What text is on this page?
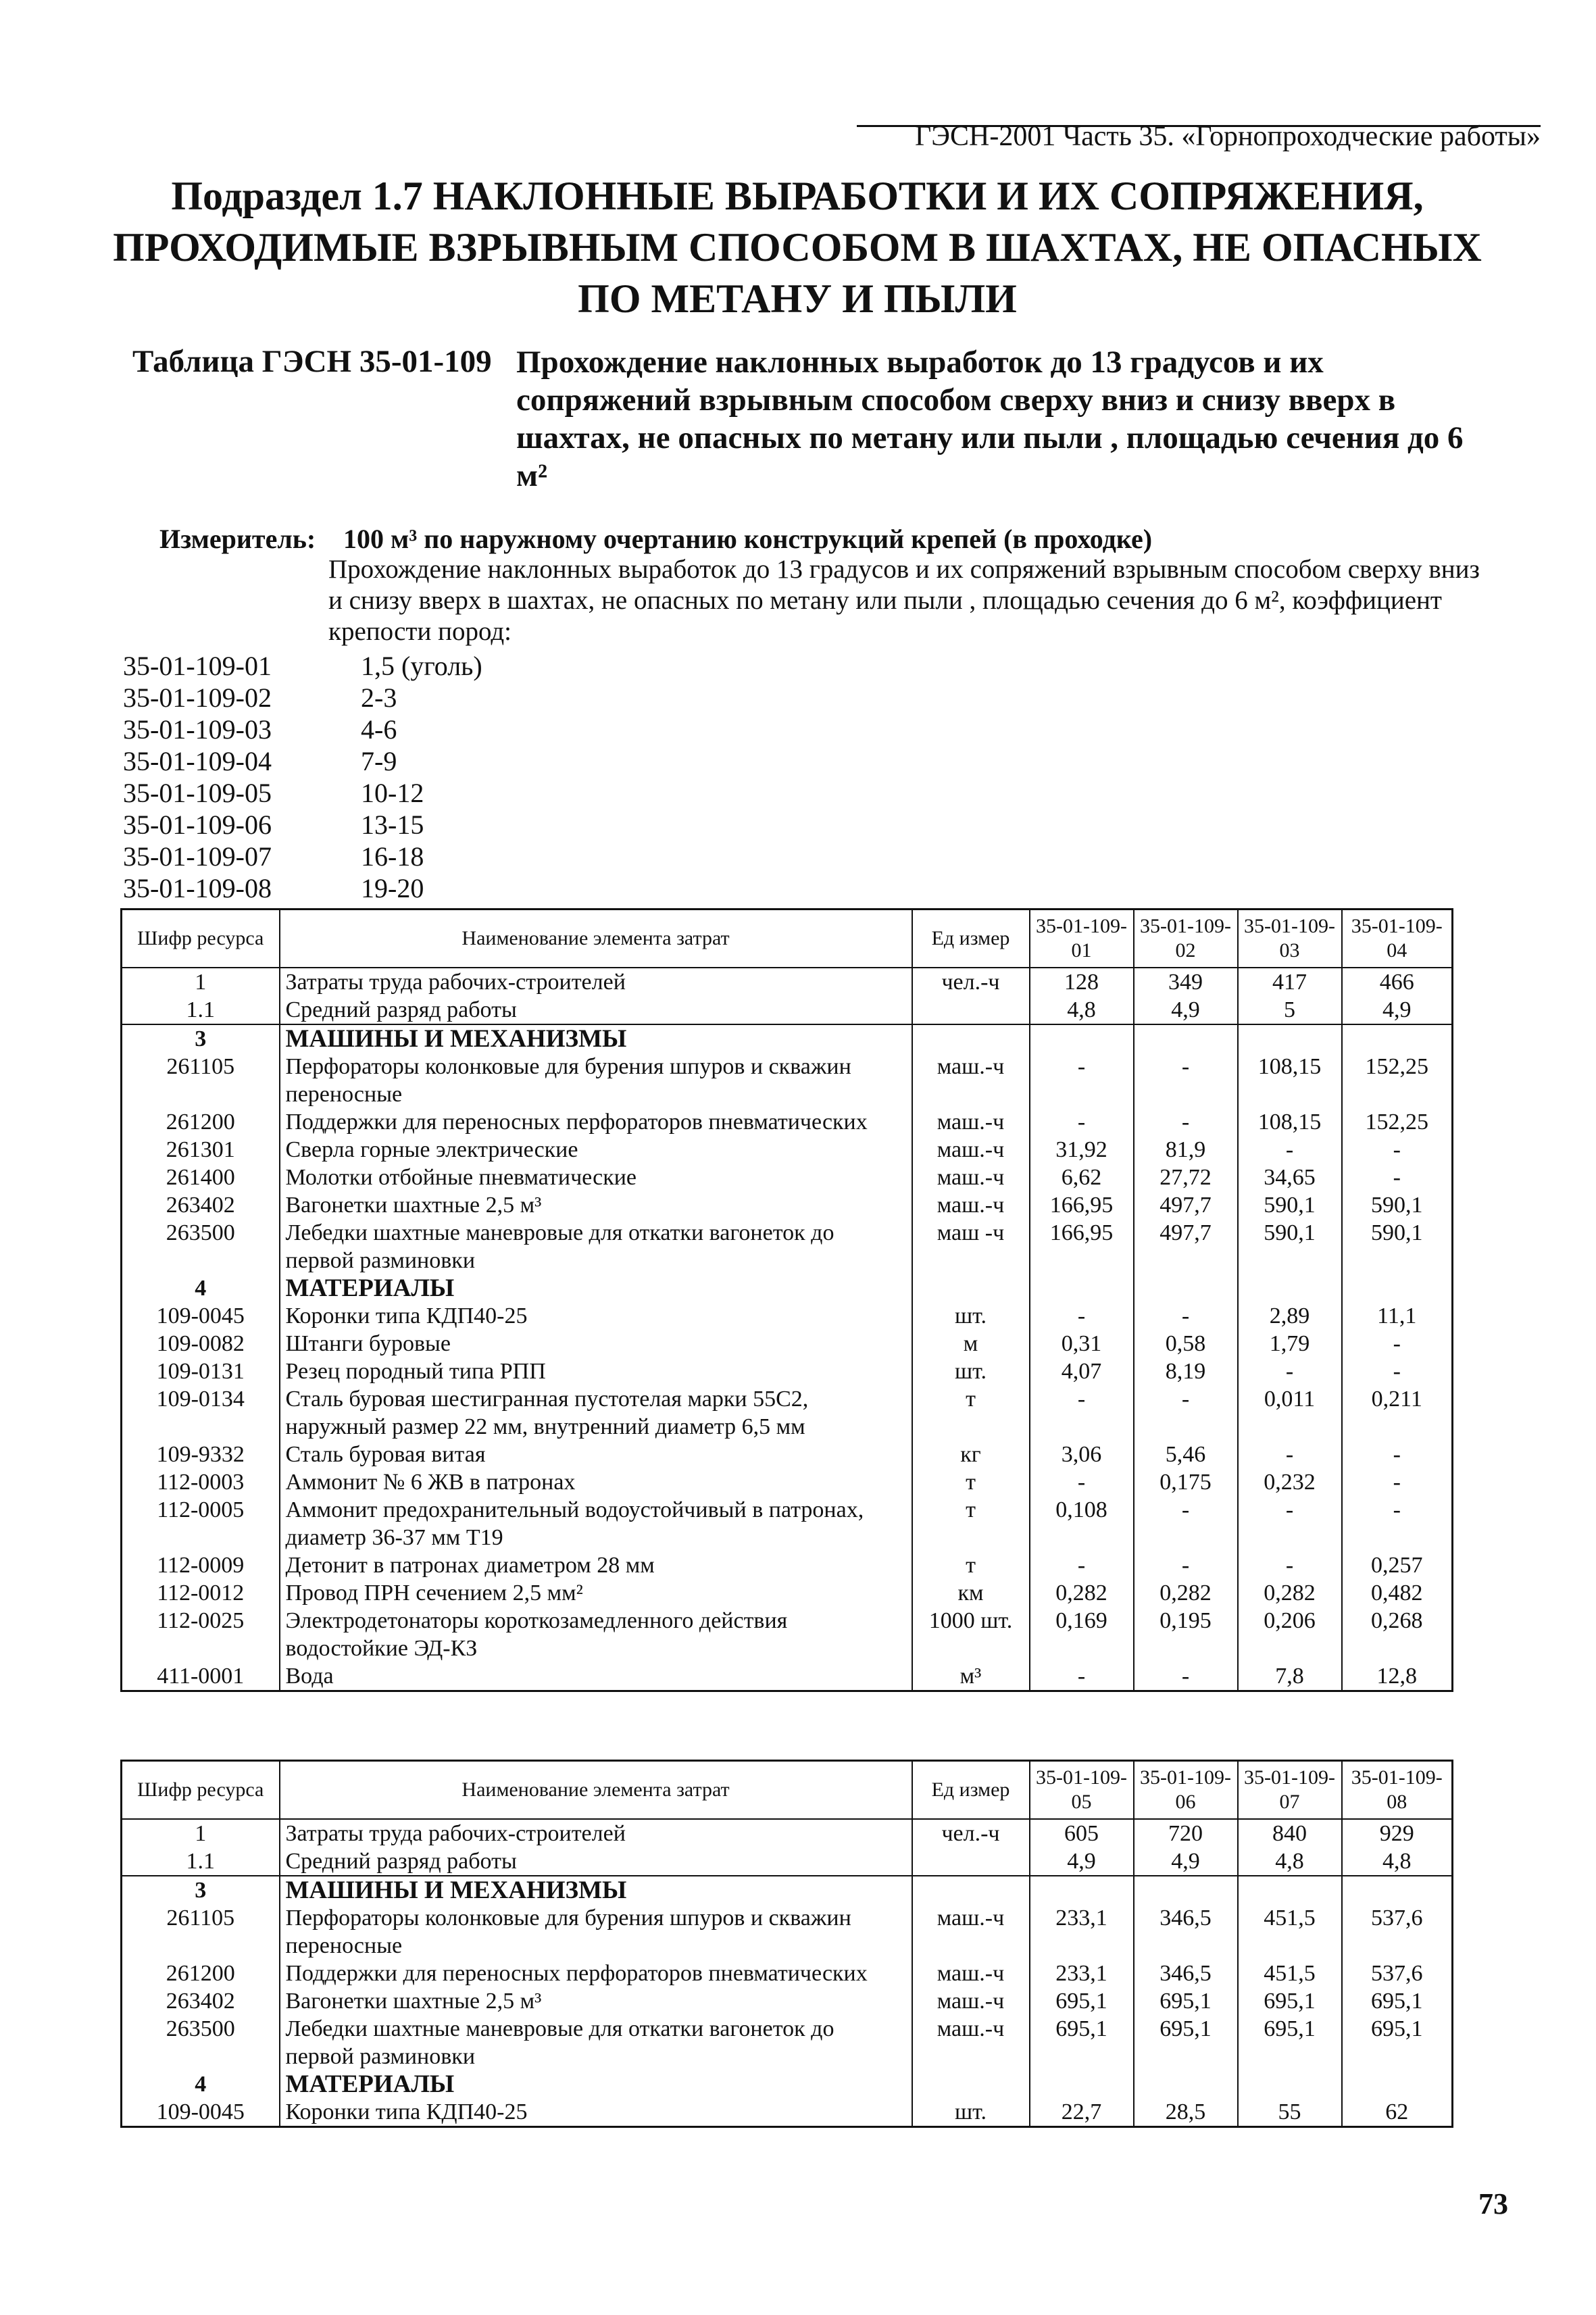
ГЭСН-2001 Часть 35. «Горнопроходческие работы»
Подраздел 1.7 НАКЛОННЫЕ ВЫРАБОТКИ И ИХ СОПРЯЖЕНИЯ, ПРОХОДИМЫЕ ВЗРЫВНЫМ СПОСОБОМ В ШАХТАХ, НЕ ОПАСНЫХ ПО МЕТАНУ И ПЫЛИ
Таблица ГЭСН 35-01-109 Прохождение наклонных выработок до 13 градусов и их сопряжений взрывным способом сверху вниз и снизу вверх в шахтах, не опасных по метану или пыли , площадью сечения до 6 м²
Измеритель: 100 м³ по наружному очертанию конструкций крепей (в проходке)
Прохождение наклонных выработок до 13 градусов и их сопряжений взрывным способом сверху вниз и снизу вверх в шахтах, не опасных по метану или пыли , площадью сечения до 6 м², коэффициент крепости пород:
35-01-109-01	1,5 (уголь)
35-01-109-02	2-3
35-01-109-03	4-6
35-01-109-04	7-9
35-01-109-05	10-12
35-01-109-06	13-15
35-01-109-07	16-18
35-01-109-08	19-20
Шифр ресурса	Наименование элемента затрат	Ед измер	35-01-109-01	35-01-109-02	35-01-109-03	35-01-109-04
1	Затраты труда рабочих-строителей	чел.-ч	128	349	417	466
1.1	Средний разряд работы		4,8	4,9	5	4,9
3	МАШИНЫ И МЕХАНИЗМЫ					
261105	Перфораторы колонковые для бурения шпуров и скважин переносные	маш.-ч	-	-	108,15	152,25
261200	Поддержки для переносных перфораторов пневматических	маш.-ч	-	-	108,15	152,25
261301	Сверла горные электрические	маш.-ч	31,92	81,9	-	-
261400	Молотки отбойные пневматические	маш.-ч	6,62	27,72	34,65	-
263402	Вагонетки шахтные 2,5 м³	маш.-ч	166,95	497,7	590,1	590,1
263500	Лебедки шахтные маневровые для откатки вагонеток до первой разминовки	маш -ч	166,95	497,7	590,1	590,1
4	МАТЕРИАЛЫ					
109-0045	Коронки типа КДП40-25	шт.	-	-	2,89	11,1
109-0082	Штанги буровые	м	0,31	0,58	1,79	-
109-0131	Резец породный типа РПП	шт.	4,07	8,19	-	-
109-0134	Сталь буровая шестигранная пустотелая марки 55С2, наружный размер 22 мм, внутренний диаметр 6,5 мм	т	-	-	0,011	0,211
109-9332	Сталь буровая витая	кг	3,06	5,46	-	-
112-0003	Аммонит № 6 ЖВ в патронах	т	-	0,175	0,232	-
112-0005	Аммонит предохранительный водоустойчивый в патронах, диаметр 36-37 мм Т19	т	0,108	-	-	-
112-0009	Детонит в патронах диаметром 28 мм	т	-	-	-	0,257
112-0012	Провод ПРН сечением 2,5 мм²	км	0,282	0,282	0,282	0,482
112-0025	Электродетонаторы короткозамедленного действия водостойкие ЭД-КЗ	1000 шт.	0,169	0,195	0,206	0,268
411-0001	Вода	м³	-	-	7,8	12,8
Шифр ресурса	Наименование элемента затрат	Ед измер	35-01-109-05	35-01-109-06	35-01-109-07	35-01-109-08
1	Затраты труда рабочих-строителей	чел.-ч	605	720	840	929
1.1	Средний разряд работы		4,9	4,9	4,8	4,8
3	МАШИНЫ И МЕХАНИЗМЫ					
261105	Перфораторы колонковые для бурения шпуров и скважин переносные	маш.-ч	233,1	346,5	451,5	537,6
261200	Поддержки для переносных перфораторов пневматических	маш.-ч	233,1	346,5	451,5	537,6
263402	Вагонетки шахтные 2,5 м³	маш.-ч	695,1	695,1	695,1	695,1
263500	Лебедки шахтные маневровые для откатки вагонеток до первой разминовки	маш.-ч	695,1	695,1	695,1	695,1
4	МАТЕРИАЛЫ					
109-0045	Коронки типа КДП40-25	шт.	22,7	28,5	55	62
73
